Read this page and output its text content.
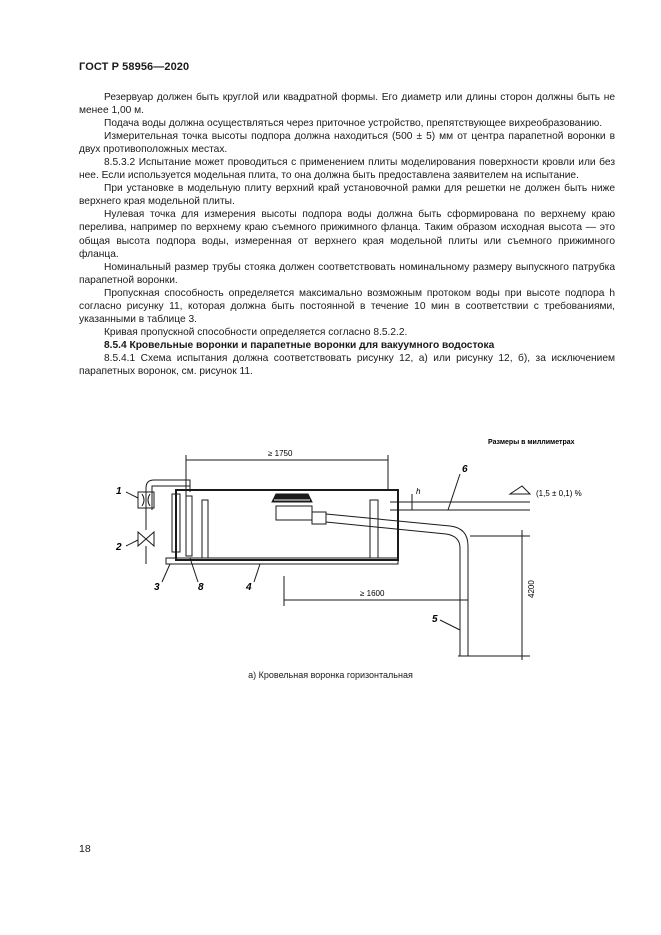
ГОСТ Р 58956—2020

Резервуар должен быть круглой или квадратной формы. Его диаметр или длины сторон должны быть не менее 1,00 м.

Подача воды должна осуществляться через приточное устройство, препятствующее вихреобразованию.

Измерительная точка высоты подпора должна находиться (500 ± 5) мм от центра парапетной воронки в двух противоположных местах.

8.5.3.2 Испытание может проводиться с применением плиты моделирования поверхности кровли или без нее. Если используется модельная плита, то она должна быть предоставлена заявителем на испытание.

При установке в модельную плиту верхний край установочной рамки для решетки не должен быть ниже верхнего края модельной плиты.

Нулевая точка для измерения высоты подпора воды должна быть сформирована по верхнему краю перелива, например по верхнему краю съемного прижимного фланца. Таким образом исходная высота — это общая высота подпора воды, измеренная от верхнего края модельной плиты или съемного прижимного фланца.

Номинальный размер трубы стояка должен соответствовать номинальному размеру выпускного патрубка парапетной воронки.

Пропускная способность определяется максимально возможным протоком воды при высоте подпора h согласно рисунку 11, которая должна быть постоянной в течение 10 мин в соответствии с требованиями, указанными в таблице 3.

Кривая пропускной способности определяется согласно 8.5.2.2.

8.5.4 Кровельные воронки и парапетные воронки для вакуумного водостока

8.5.4.1 Схема испытания должна соответствовать рисунку 12, а) или рисунку 12, б), за исключением парапетных воронок, см. рисунок 11.

Размеры в миллиметрах
≥ 1750
≥ 1600	4200
h	(1,5 ± 0,1) %
1
2
3	8	4
6
5
а) Кровельная воронка горизонтальная
18
